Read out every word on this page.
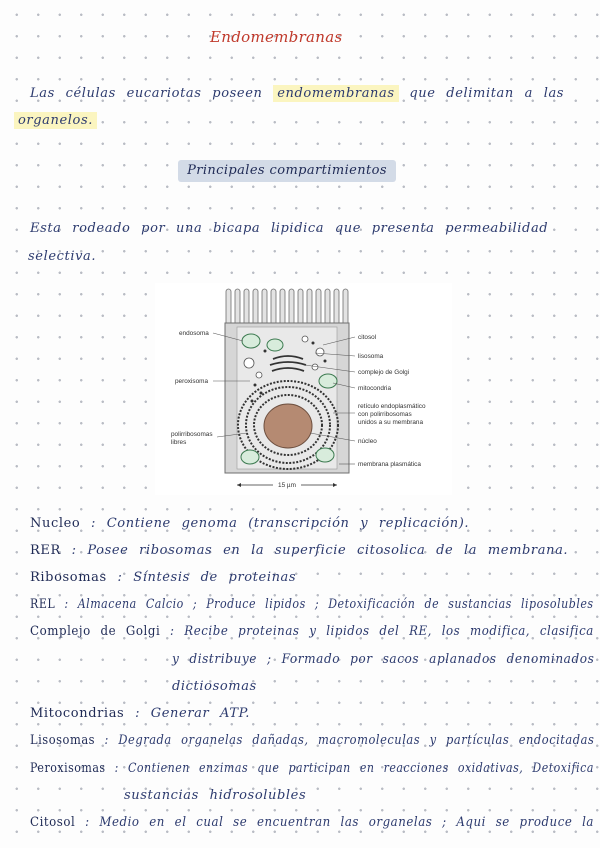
Endomembranas
Las células eucariotas poseen endomembranas que delimitan a las
organelos.
Principales compartimientos
Esta rodeado por una bicapa lipidica que presenta permeabilidad
selectiva.
endosoma
peroxisoma
polirribosomas
libres
citosol
lisosoma
complejo de Golgi
mitocondria
retículo endoplasmático
con polirribosomas
unidos a su membrana
núcleo
membrana plasmática
15 µm
Nucleo : Contiene genoma (transcripción y replicación).
RER : Posee ribosomas en la superficie citosolica de la membrana.
Ribosomas : Síntesis de proteinas
REL : Almacena Calcio ; Produce lipidos ; Detoxificación de sustancias liposolubles
Complejo de Golgi : Recibe proteinas y lipidos del RE, los modifica, clasifica
y distribuye ; Formado por sacos aplanados denominados
dictiosomas
Mitocondrias : Generar ATP.
Lisosomas : Degrada organelas dañadas, macromoleculas y partículas endocitadas
Peroxisomas : Contienen enzimas que participan en reacciones oxidativas, Detoxifica
sustancias hidrosolubles
Citosol : Medio en el cual se encuentran las organelas ; Aqui se produce la
